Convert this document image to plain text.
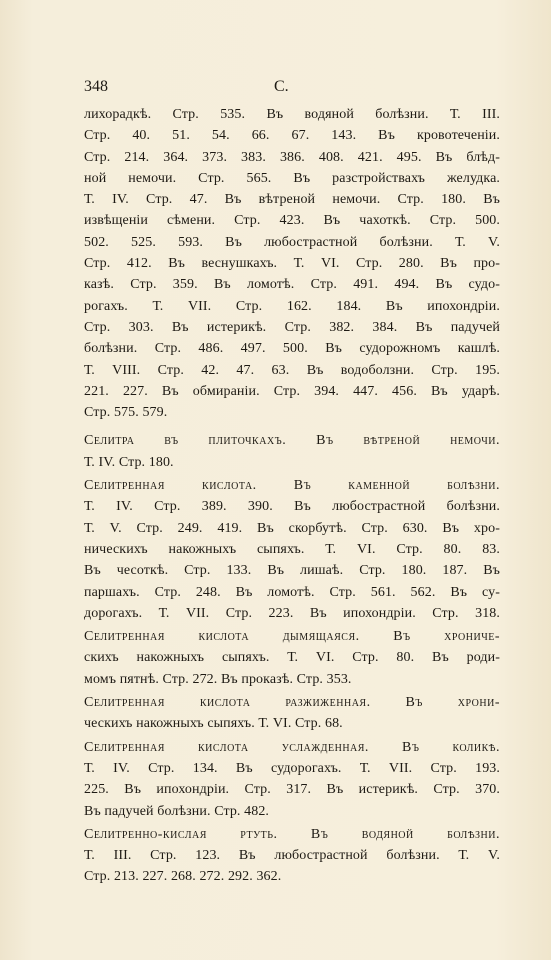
348	С.
лихорадкѣ. Стр. 535. Въ водяной болѣзни. Т. III.
Стр. 40. 51. 54. 66. 67. 143. Въ кровотеченіи.
Стр. 214. 364. 373. 383. 386. 408. 421. 495. Въ блѣд-
ной немочи. Стр. 565. Въ разстройствахъ желудка.
Т. IV. Стр. 47. Въ вѣтреной немочи. Стр. 180. Въ
извѣщеніи сѣмени. Стр. 423. Въ чахоткѣ. Стр. 500.
502. 525. 593. Въ любострастной болѣзни. Т. V.
Стр. 412. Въ веснушкахъ. Т. VI. Стр. 280. Въ про-
казѣ. Стр. 359. Въ ломотѣ. Стр. 491. 494. Въ судо-
рогахъ. Т. VII. Стр. 162. 184. Въ ипохондріи.
Стр. 303. Въ истерикѣ. Стр. 382. 384. Въ падучей
болѣзни. Стр. 486. 497. 500. Въ судорожномъ кашлѣ.
Т. VIII. Стр. 42. 47. 63. Въ водоболзни. Стр. 195.
221. 227. Въ обмираніи. Стр. 394. 447. 456. Въ ударѣ.
Стр. 575. 579.
Селитра въ плиточкахъ. Въ вѣтреной немочи.
Т. IV. Стр. 180.
Селитренная кислота. Въ каменной болѣзни.
Т. IV. Стр. 389. 390. Въ любострастной болѣзни.
Т. V. Стр. 249. 419. Въ скорбутѣ. Стр. 630. Въ хро-
ническихъ накожныхъ сыпяхъ. Т. VI. Стр. 80. 83.
Въ чесоткѣ. Стр. 133. Въ лишаѣ. Стр. 180. 187. Въ
паршахъ. Стр. 248. Въ ломотѣ. Стр. 561. 562. Въ су-
дорогахъ. Т. VII. Стр. 223. Въ ипохондріи. Стр. 318.
Селитренная кислота дымящаяся. Въ хрониче-
скихъ накожныхъ сыпяхъ. Т. VI. Стр. 80. Въ роди-
момъ пятнѣ. Стр. 272. Въ проказѣ. Стр. 353.
Селитренная кислота разжиженная. Въ хрони-
ческихъ накожныхъ сыпяхъ. Т. VI. Стр. 68.
Селитренная кислота услажденная. Въ коликѣ.
Т. IV. Стр. 134. Въ судорогахъ. Т. VII. Стр. 193.
225. Въ ипохондріи. Стр. 317. Въ истерикѣ. Стр. 370.
Въ падучей болѣзни. Стр. 482.
Селитренно-кислая ртуть. Въ водяной болѣзни.
Т. III. Стр. 123. Въ любострастной болѣзни. Т. V.
Стр. 213. 227. 268. 272. 292. 362.
